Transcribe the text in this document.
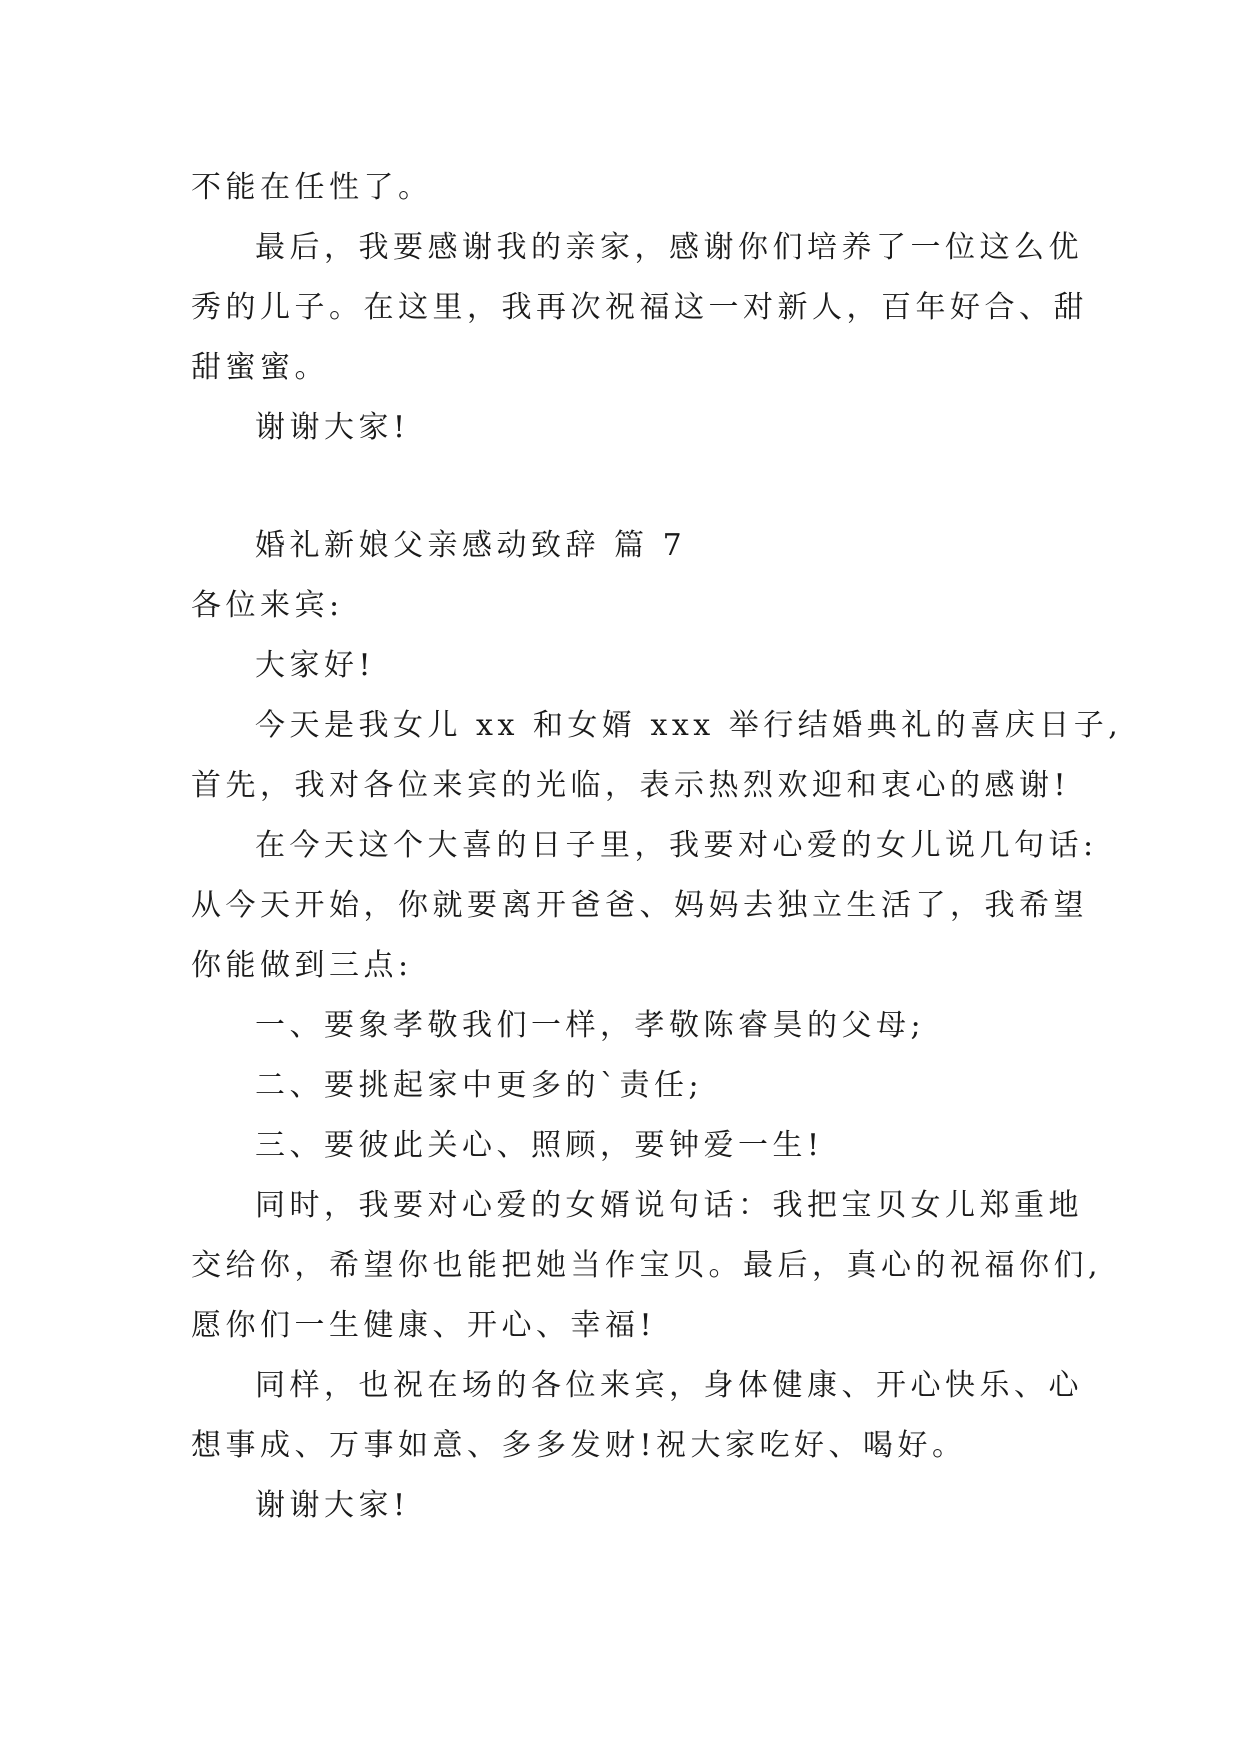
不能在任性了。
最后，我要感谢我的亲家，感谢你们培养了一位这么优
秀的儿子。在这里，我再次祝福这一对新人，百年好合、甜
甜蜜蜜。
谢谢大家!
婚礼新娘父亲感动致辞 篇 7
各位来宾:
大家好!
今天是我女儿 xx 和女婿 xxx 举行结婚典礼的喜庆日子,
首先，我对各位来宾的光临，表示热烈欢迎和衷心的感谢!
在今天这个大喜的日子里，我要对心爱的女儿说几句话:
从今天开始，你就要离开爸爸、妈妈去独立生活了，我希望
你能做到三点:
一、要象孝敬我们一样，孝敬陈睿昊的父母;
二、要挑起家中更多的`责任;
三、要彼此关心、照顾，要钟爱一生!
同时，我要对心爱的女婿说句话：我把宝贝女儿郑重地
交给你，希望你也能把她当作宝贝。最后，真心的祝福你们,
愿你们一生健康、开心、幸福!
同样，也祝在场的各位来宾，身体健康、开心快乐、心
想事成、万事如意、多多发财!祝大家吃好、喝好。
谢谢大家!
